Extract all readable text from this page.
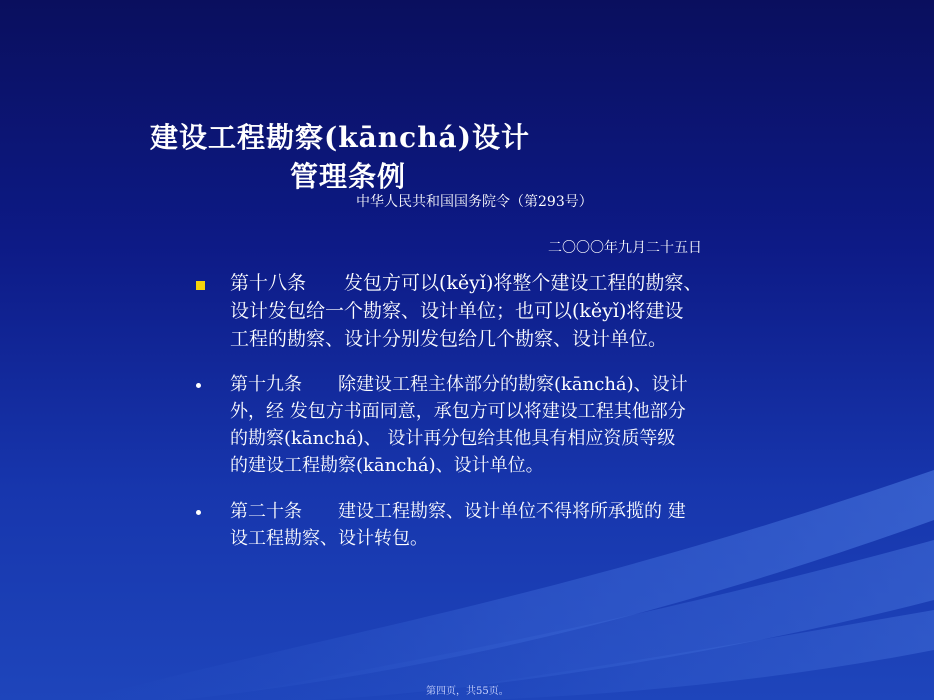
建设工程勘察(kānchá)设计
管理条例
中华人民共和国国务院令（第293号）
二〇〇〇年九月二十五日
第十八条　　发包方可以(kěyǐ)将整个建设工程的勘察、
设计发包给一个勘察、设计单位；也可以(kěyǐ)将建设
工程的勘察、设计分别发包给几个勘察、设计单位。
第十九条　　除建设工程主体部分的勘察(kānchá)、设计
外，经 发包方书面同意，承包方可以将建设工程其他部分
的勘察(kānchá)、 设计再分包给其他具有相应资质等级
的建设工程勘察(kānchá)、设计单位。
第二十条　　建设工程勘察、设计单位不得将所承揽的 建
设工程勘察、设计转包。
第四页，共55页。
